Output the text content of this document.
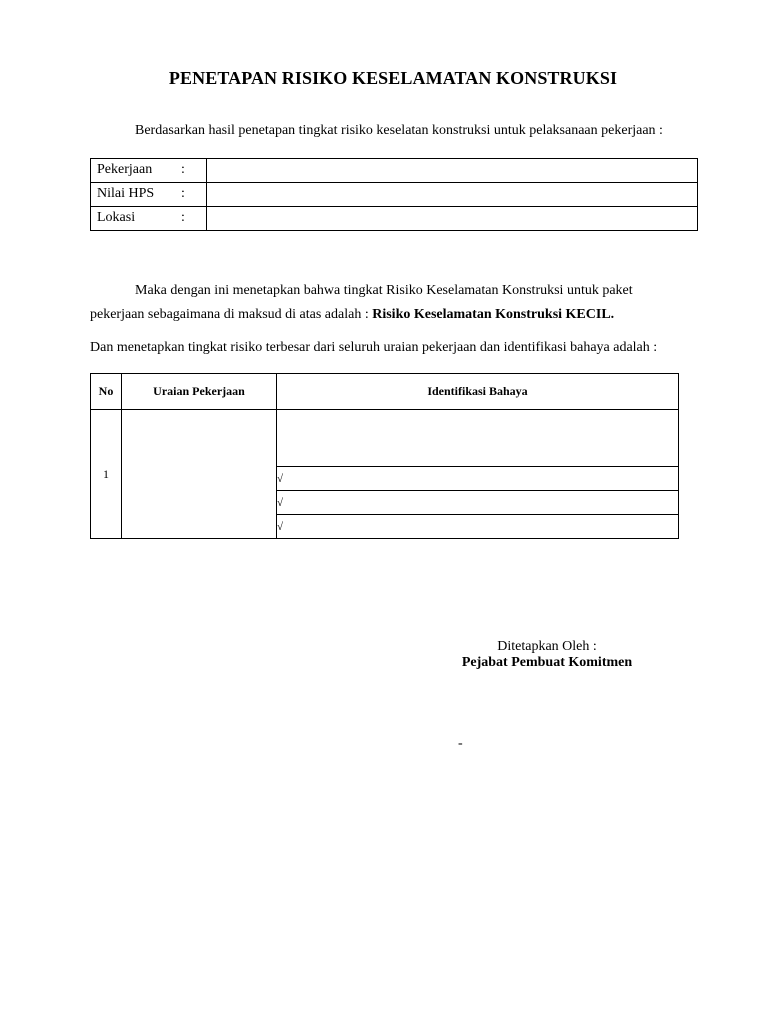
PENETAPAN RISIKO KESELAMATAN KONSTRUKSI
Berdasarkan hasil penetapan tingkat risiko keselatan konstruksi untuk pelaksanaan pekerjaan :
Pekerjaan :	

Nilai HPS :	

Lokasi :	

Maka dengan ini menetapkan bahwa tingkat Risiko Keselamatan Konstruksi untuk paket pekerjaan sebagaimana di maksud di atas adalah : Risiko Keselamatan Konstruksi KECIL.
Dan menetapkan tingkat risiko terbesar dari seluruh uraian pekerjaan dan identifikasi bahaya adalah :
No	Uraian Pekerjaan	Identifikasi Bahaya
1		
		√
		√
		√
Ditetapkan Oleh :
Pejabat Pembuat Komitmen
-
